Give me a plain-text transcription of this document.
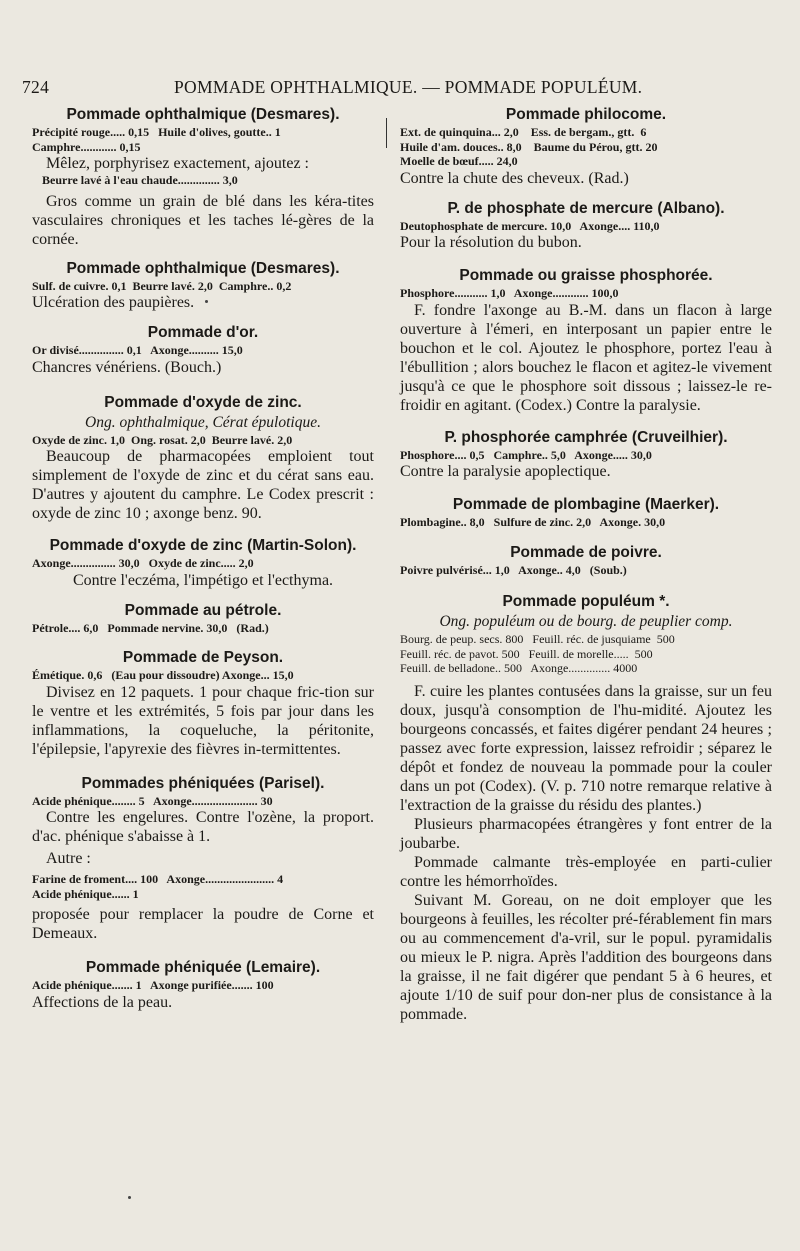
724	POMMADE OPHTHALMIQUE. — POMMADE POPULÉUM.

Pommade ophthalmique (Desmares).

Précipité rouge..... 0,15   Huile d'olives, goutte.. 1

Camphre............ 0,15

Mêlez, porphyrisez exactement, ajoutez :

Beurre lavé à l'eau chaude.............. 3,0

Gros comme un grain de blé dans les kéra-tites vasculaires chroniques et les taches lé-gères de la cornée.

Pommade ophthalmique (Desmares).

Sulf. de cuivre. 0,1  Beurre lavé. 2,0  Camphre.. 0,2

Ulcération des paupières.

Pommade d'or.

Or divisé............... 0,1   Axonge.......... 15,0

Chancres vénériens. (Bouch.)

Pommade d'oxyde de zinc.

Ong. ophthalmique, Cérat épulotique.

Oxyde de zinc. 1,0  Ong. rosat. 2,0  Beurre lavé. 2,0

Beaucoup de pharmacopées emploient tout simplement de l'oxyde de zinc et du cérat sans eau. D'autres y ajoutent du camphre. Le Codex prescrit : oxyde de zinc 10 ; axonge benz. 90.

Pommade d'oxyde de zinc (Martin-Solon).

Axonge............... 30,0   Oxyde de zinc..... 2,0

Contre l'eczéma, l'impétigo et l'ecthyma.

Pommade au pétrole.

Pétrole.... 6,0   Pommade nervine. 30,0   (Rad.)

Pommade de Peyson.

Émétique. 0,6   (Eau pour dissoudre) Axonge... 15,0

Divisez en 12 paquets. 1 pour chaque fric-tion sur le ventre et les extrémités, 5 fois par jour dans les inflammations, la coqueluche, la péritonite, l'épilepsie, l'apyrexie des fièvres in-termittentes.

Pommades phéniquées (Parisel).

Acide phénique........ 5   Axonge...................... 30

Contre les engelures. Contre l'ozène, la proport. d'ac. phénique s'abaisse à 1.

Autre :

Farine de froment.... 100   Axonge....................... 4

Acide phénique...... 1

proposée pour remplacer la poudre de Corne et Demeaux.

Pommade phéniquée (Lemaire).

Acide phénique....... 1   Axonge purifiée....... 100

Affections de la peau.

Pommade philocome.

Ext. de quinquina... 2,0    Ess. de bergam., gtt.  6

Huile d'am. douces.. 8,0    Baume du Pérou, gtt. 20

Moelle de bœuf..... 24,0

Contre la chute des cheveux. (Rad.)

P. de phosphate de mercure (Albano).

Deutophosphate de mercure. 10,0   Axonge.... 110,0

Pour la résolution du bubon.

Pommade ou graisse phosphorée.

Phosphore........... 1,0   Axonge............ 100,0

F. fondre l'axonge au B.-M. dans un flacon à large ouverture à l'émeri, en interposant un papier entre le bouchon et le col. Ajoutez le phosphore, portez l'eau à l'ébullition ; alors bouchez le flacon et agitez-le vivement jusqu'à ce que le phosphore soit dissous ; laissez-le re-froidir en agitant. (Codex.) Contre la paralysie.

P. phosphorée camphrée (Cruveilhier).

Phosphore.... 0,5   Camphre.. 5,0   Axonge..... 30,0

Contre la paralysie apoplectique.

Pommade de plombagine (Maerker).

Plombagine.. 8,0   Sulfure de zinc. 2,0   Axonge. 30,0

Pommade de poivre.

Poivre pulvérisé... 1,0   Axonge.. 4,0   (Soub.)

Pommade populéum *.

Ong. populéum ou de bourg. de peuplier comp.

Bourg. de peup. secs. 800   Feuill. réc. de jusquiame  500

Feuill. réc. de pavot. 500   Feuill. de morelle.....  500

Feuill. de belladone.. 500   Axonge.............. 4000

F. cuire les plantes contusées dans la graisse, sur un feu doux, jusqu'à consomption de l'hu-midité. Ajoutez les bourgeons concassés, et faites digérer pendant 24 heures ; passez avec forte expression, laissez refroidir ; séparez le dépôt et fondez de nouveau la pommade pour la couler dans un pot (Codex). (V. p. 710 notre remarque relative à l'extraction de la graisse du résidu des plantes.)

Plusieurs pharmacopées étrangères y font entrer de la joubarbe.

Pommade calmante très-employée en parti-culier contre les hémorrhoïdes.

Suivant M. Goreau, on ne doit employer que les bourgeons à feuilles, les récolter pré-férablement fin mars ou au commencement d'a-vril, sur le popul. pyramidalis ou mieux le P. nigra. Après l'addition des bourgeons dans la graisse, il ne fait digérer que pendant 5 à 6 heures, et ajoute 1/10 de suif pour don-ner plus de consistance à la pommade.
